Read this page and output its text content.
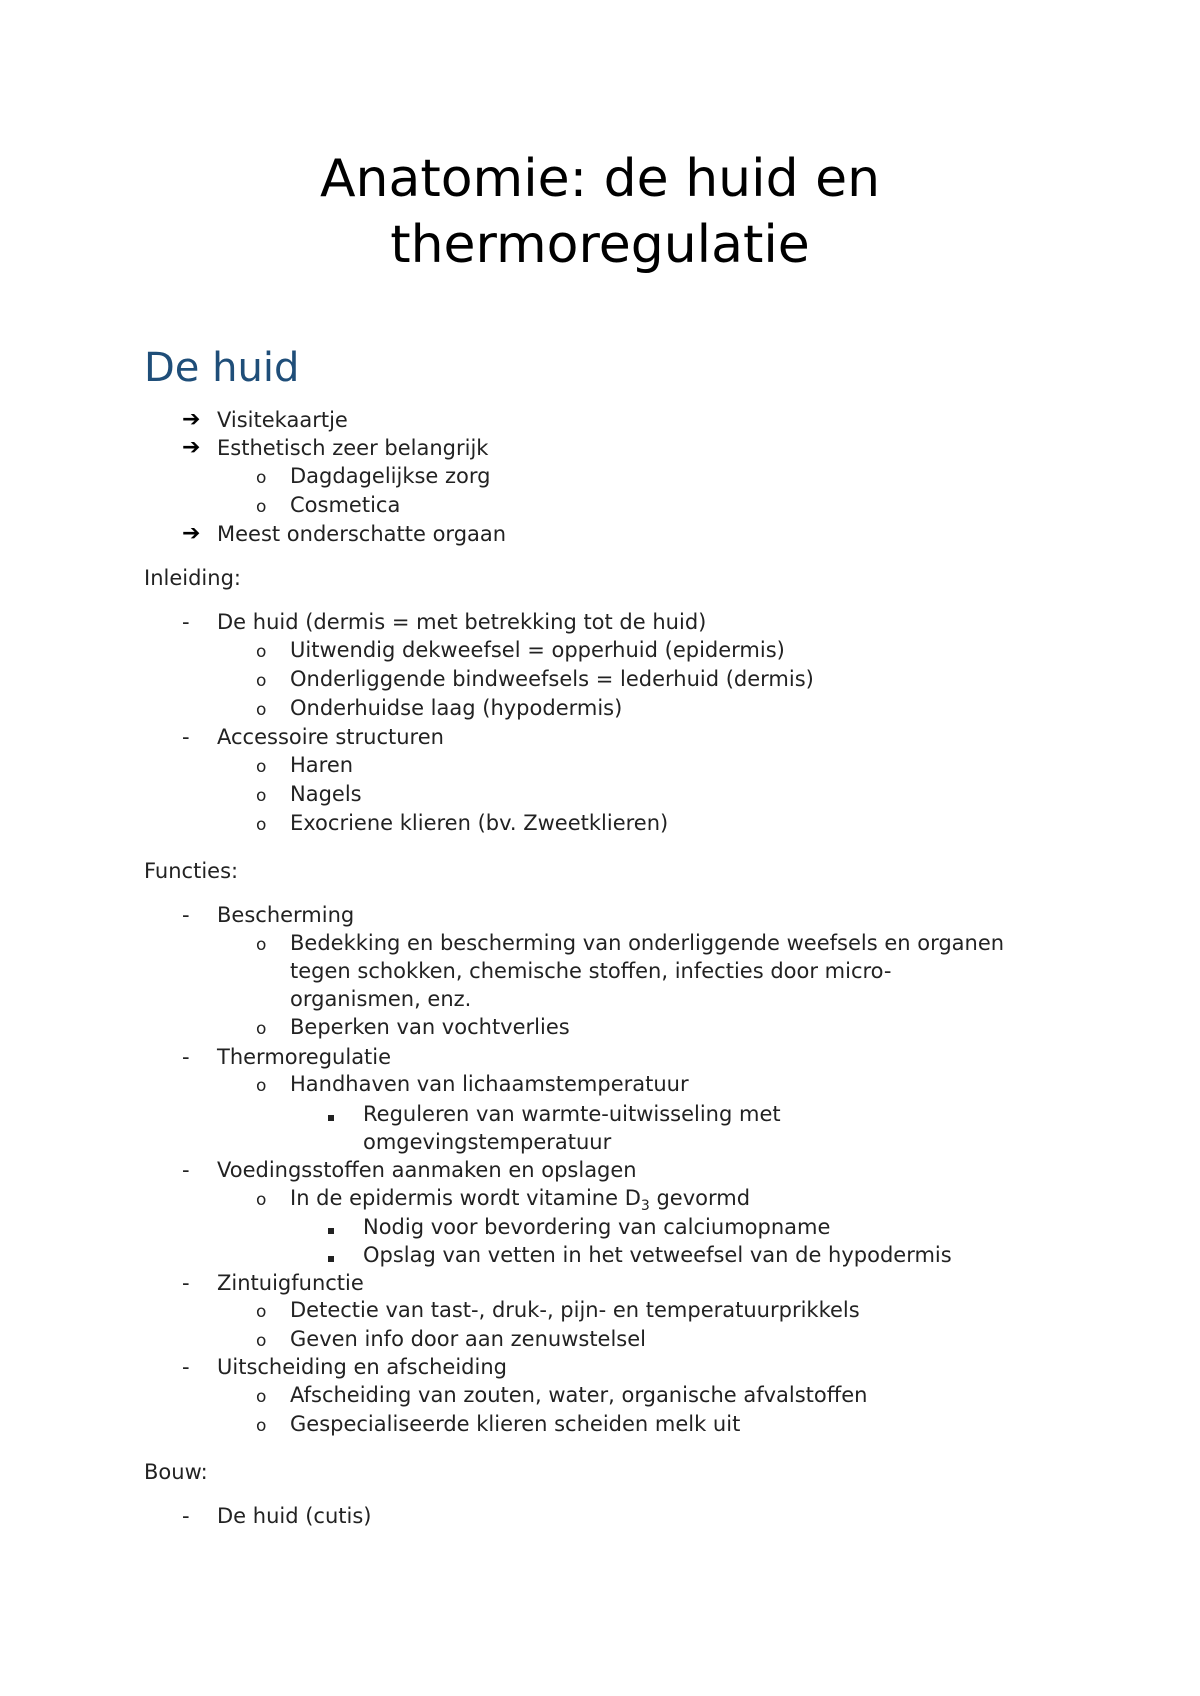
Anatomie: de huid en
thermoregulatie
De huid
➔ Visitekaartje
➔ Esthetisch zeer belangrijk
o Dagdagelijkse zorg
o Cosmetica
➔ Meest onderschatte orgaan
Inleiding:
- De huid (dermis = met betrekking tot de huid)
o Uitwendig dekweefsel = opperhuid (epidermis)
o Onderliggende bindweefsels = lederhuid (dermis)
o Onderhuidse laag (hypodermis)
- Accessoire structuren
o Haren
o Nagels
o Exocriene klieren (bv. Zweetklieren)
Functies:
- Bescherming
o Bedekking en bescherming van onderliggende weefsels en organen
tegen schokken, chemische stoffen, infecties door micro-
organismen, enz.
o Beperken van vochtverlies
- Thermoregulatie
o Handhaven van lichaamstemperatuur
Reguleren van warmte-uitwisseling met
omgevingstemperatuur
- Voedingsstoffen aanmaken en opslagen
o In de epidermis wordt vitamine $D_3$ gevormd
Nodig voor bevordering van calciumopname
Opslag van vetten in het vetweefsel van de hypodermis
- Zintuigfunctie
o Detectie van tast-, druk-, pijn- en temperatuurprikkels
o Geven info door aan zenuwstelsel
- Uitscheiding en afscheiding
o Afscheiding van zouten, water, organische afvalstoffen
o Gespecialiseerde klieren scheiden melk uit
Bouw:
- De huid (cutis)
